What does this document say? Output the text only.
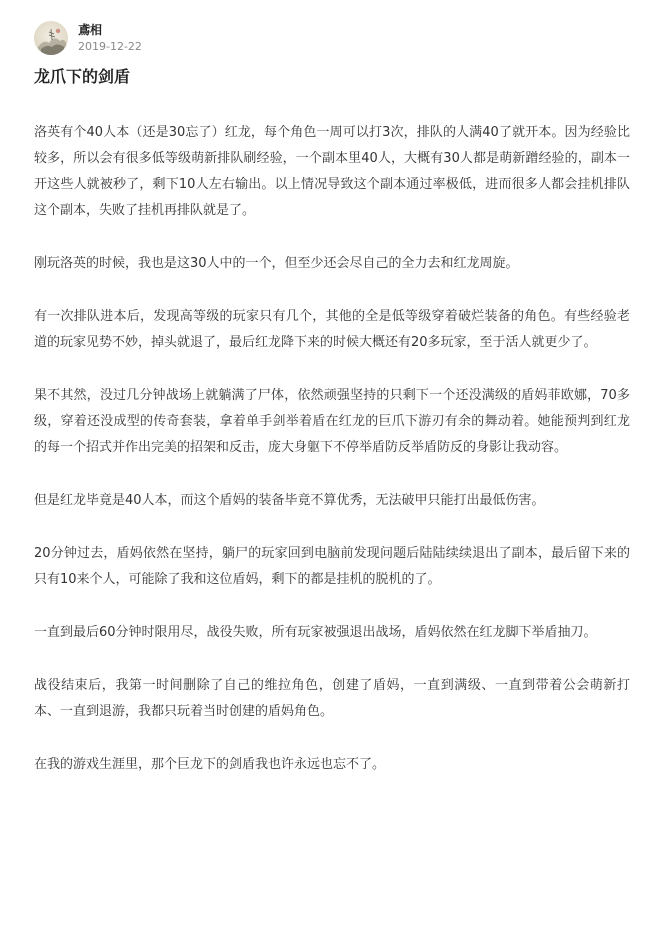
鳶相
2019-12-22
龙爪下的剑盾

洛英有个40人本（还是30忘了）红龙，每个角色一周可以打3次，排队的人满40了就开本。因为经验比较多，所以会有很多低等级萌新排队刷经验，一个副本里40人，大概有30人都是萌新蹭经验的，副本一开这些人就被秒了，剩下10人左右输出。以上情况导致这个副本通过率极低，进而很多人都会挂机排队这个副本，失败了挂机再排队就是了。

刚玩洛英的时候，我也是这30人中的一个，但至少还会尽自己的全力去和红龙周旋。

有一次排队进本后，发现高等级的玩家只有几个，其他的全是低等级穿着破烂装备的角色。有些经验老道的玩家见势不妙，掉头就退了，最后红龙降下来的时候大概还有20多玩家，至于活人就更少了。

果不其然，没过几分钟战场上就躺满了尸体，依然顽强坚持的只剩下一个还没满级的盾妈菲欧娜，70多级，穿着还没成型的传奇套装，拿着单手剑举着盾在红龙的巨爪下游刃有余的舞动着。她能预判到红龙的每一个招式并作出完美的招架和反击，庞大身躯下不停举盾防反举盾防反的身影让我动容。

但是红龙毕竟是40人本，而这个盾妈的装备毕竟不算优秀，无法破甲只能打出最低伤害。

20分钟过去，盾妈依然在坚持，躺尸的玩家回到电脑前发现问题后陆陆续续退出了副本，最后留下来的只有10来个人，可能除了我和这位盾妈，剩下的都是挂机的脱机的了。

一直到最后60分钟时限用尽，战役失败，所有玩家被强退出战场，盾妈依然在红龙脚下举盾抽刀。

战役结束后，我第一时间删除了自己的维拉角色，创建了盾妈，一直到满级、一直到带着公会萌新打本、一直到退游，我都只玩着当时创建的盾妈角色。

在我的游戏生涯里，那个巨龙下的剑盾我也许永远也忘不了。
